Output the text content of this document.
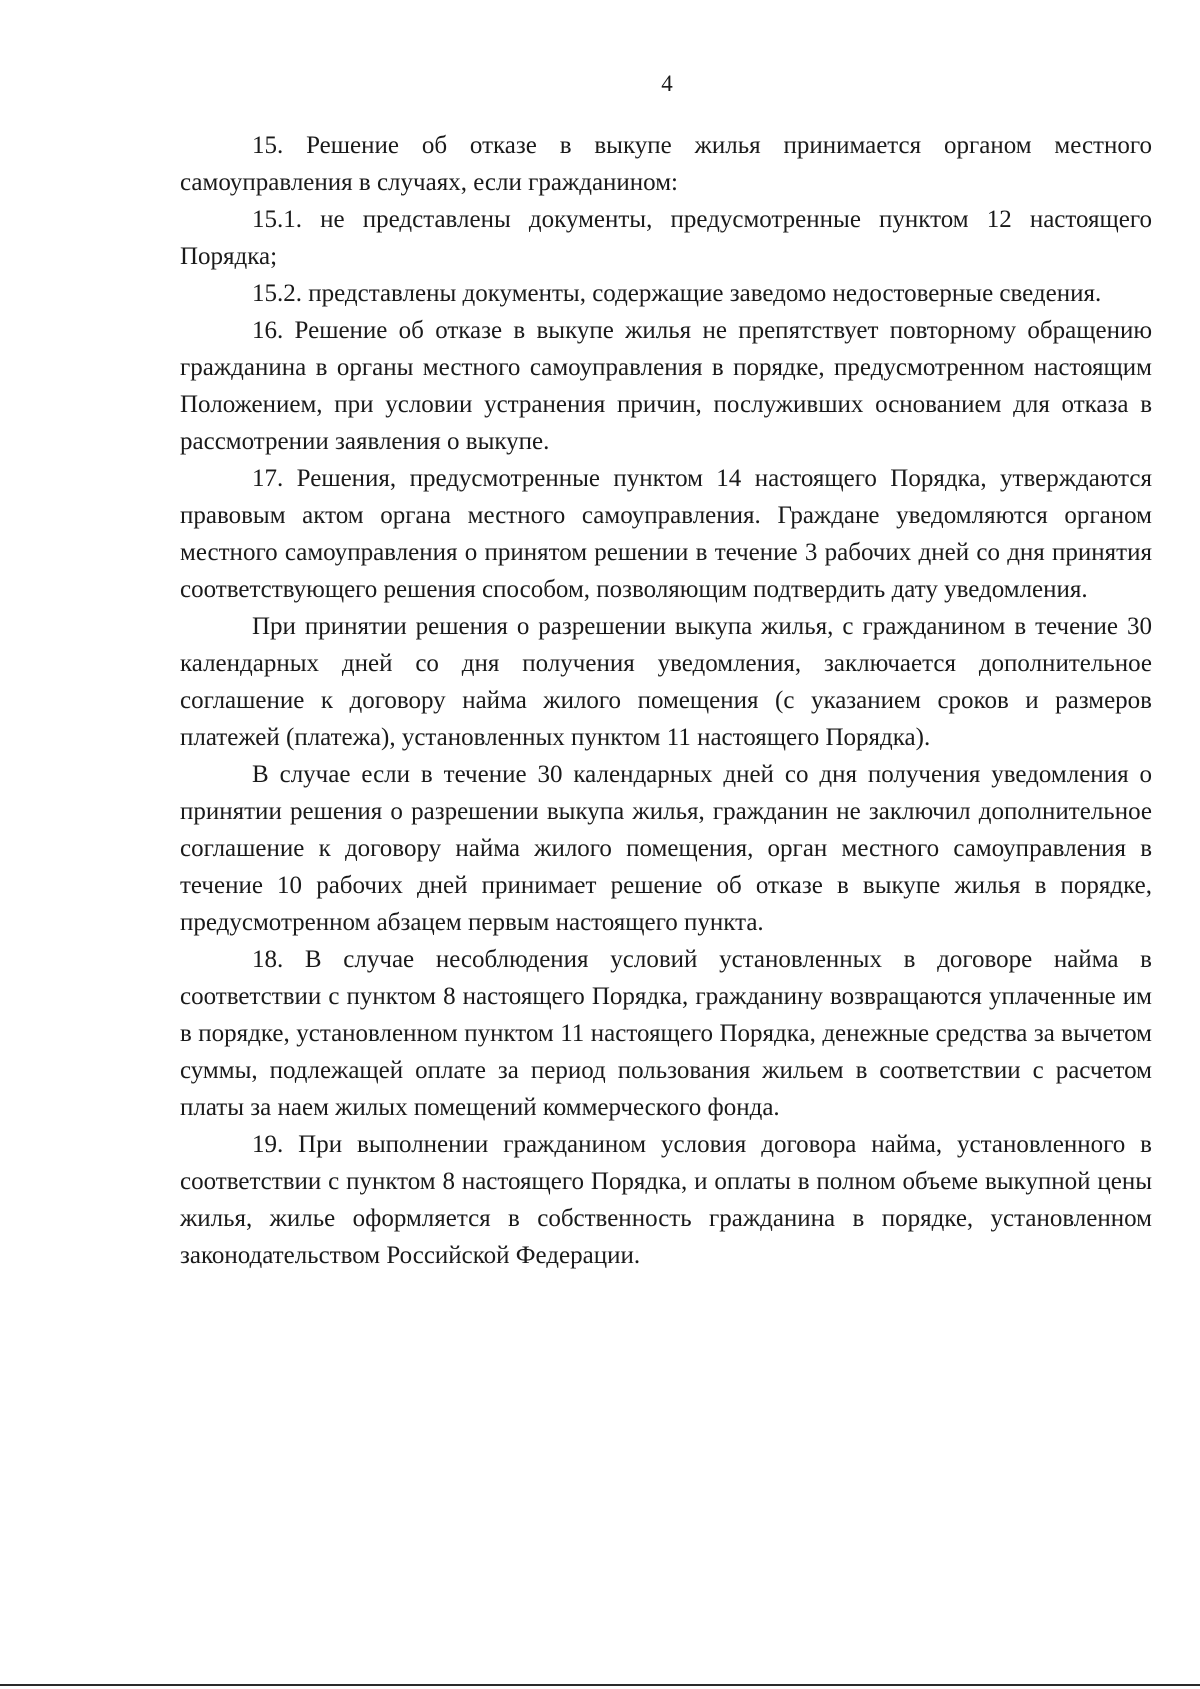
4

15. Решение об отказе в выкупе жилья принимается органом местного самоуправления в случаях, если гражданином:

15.1. не представлены документы, предусмотренные пунктом 12 настоящего Порядка;

15.2. представлены документы, содержащие заведомо недостоверные сведения.

16. Решение об отказе в выкупе жилья не препятствует повторному обращению гражданина в органы местного самоуправления в порядке, предусмотренном настоящим Положением, при условии устранения причин, послуживших основанием для отказа в рассмотрении заявления о выкупе.

17. Решения, предусмотренные пунктом 14 настоящего Порядка, утверждаются правовым актом органа местного самоуправления. Граждане уведомляются органом местного самоуправления о принятом решении в течение 3 рабочих дней со дня принятия соответствующего решения способом, позволяющим подтвердить дату уведомления.

При принятии решения о разрешении выкупа жилья, с гражданином в течение 30 календарных дней со дня получения уведомления, заключается дополнительное соглашение к договору найма жилого помещения (с указанием сроков и размеров платежей (платежа), установленных пунктом 11 настоящего Порядка).

В случае если в течение 30 календарных дней со дня получения уведомления о принятии решения о разрешении выкупа жилья, гражданин не заключил дополнительное соглашение к договору найма жилого помещения, орган местного самоуправления в течение 10 рабочих дней принимает решение об отказе в выкупе жилья в порядке, предусмотренном абзацем первым настоящего пункта.

18. В случае несоблюдения условий установленных в договоре найма в соответствии с пунктом 8 настоящего Порядка, гражданину возвращаются уплаченные им в порядке, установленном пунктом 11 настоящего Порядка, денежные средства за вычетом суммы, подлежащей оплате за период пользования жильем в соответствии с расчетом платы за наем жилых помещений коммерческого фонда.

19. При выполнении гражданином условия договора найма, установленного в соответствии с пунктом 8 настоящего Порядка, и оплаты в полном объеме выкупной цены жилья, жилье оформляется в собственность гражданина в порядке, установленном законодательством Российской Федерации.
